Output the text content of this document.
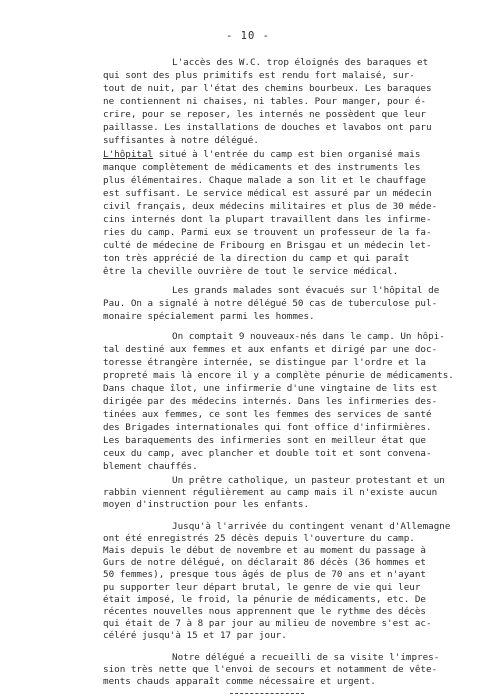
- 10 -
L'accès des W.C. trop éloignés des baraques et
qui sont des plus primitifs est rendu fort malaisé, sur-
tout de nuit, par l'état des chemins bourbeux. Les baraques
ne contiennent ni chaises, ni tables. Pour manger, pour é-
crire, pour se reposer, les internés ne possèdent que leur
paillasse. Les installations de douches et lavabos ont paru
suffisantes à notre délégué.
L'hôpital situé à l'entrée du camp est bien organisé mais
manque complètement de médicaments et des instruments les
plus élémentaires. Chaque malade a son lit et le chauffage
est suffisant. Le service médical est assuré par un médecin
civil français, deux médecins militaires et plus de 30 méde-
cins internés dont la plupart travaillent dans les infirme-
ries du camp. Parmi eux se trouvent un professeur de la fa-
culté de médecine de Fribourg en Brisgau et un médecin let-
ton très apprécié de la direction du camp et qui paraît
être la cheville ouvrière de tout le service médical.
Les grands malades sont évacués sur l'hôpital de
Pau. On a signalé à notre délégué 50 cas de tuberculose pul-
monaire spécialement parmi les hommes.
On comptait 9 nouveaux-nés dans le camp. Un hôpi-
tal destiné aux femmes et aux enfants et dirigé par une doc-
toresse étrangère internée, se distingue par l'ordre et la
propreté mais là encore il y a complète pénurie de médicaments.
Dans chaque îlot, une infirmerie d'une vingtaine de lits est
dirigée par des médecins internés. Dans les infirmeries des-
tinées aux femmes, ce sont les femmes des services de santé
des Brigades internationales qui font office d'infirmières.
Les baraquements des infirmeries sont en meilleur état que
ceux du camp, avec plancher et double toit et sont convena-
blement chauffés.
Un prêtre catholique, un pasteur protestant et un
rabbin viennent régulièrement au camp mais il n'existe aucun
moyen d'instruction pour les enfants.
Jusqu'à l'arrivée du contingent venant d'Allemagne
ont été enregistrés 25 décès depuis l'ouverture du camp.
Mais depuis le début de novembre et au moment du passage à
Gurs de notre délégué, on déclarait 86 décès (36 hommes et
50 femmes), presque tous âgés de plus de 70 ans et n'ayant
pu supporter leur départ brutal, le genre de vie qui leur
était imposé, le froid, la pénurie de médicaments, etc. De
récentes nouvelles nous apprennent que le rythme des décès
qui était de 7 à 8 par jour au milieu de novembre s'est ac-
céléré jusqu'à 15 et 17 par jour.
Notre délégué a recueilli de sa visite l'impres-
sion très nette que l'envoi de secours et notamment de vête-
ments chauds apparaît comme nécessaire et urgent.
